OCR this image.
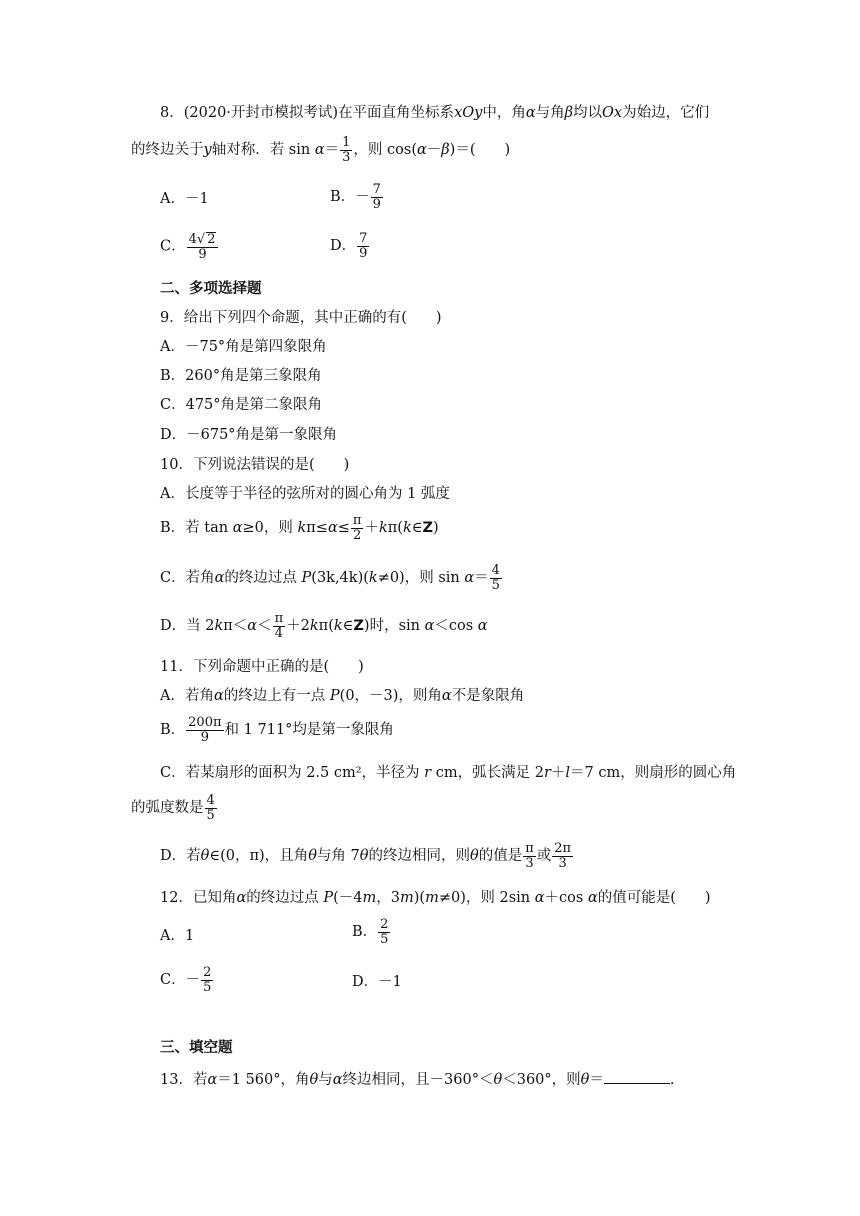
8．(2020·开封市模拟考试)在平面直角坐标系xOy中，角α与角β均以Ox为始边，它们
的终边关于y轴对称．若 $\sin \alpha= \frac{1}{3}$ ，则 cos(α－β)＝(　　)
A．－1	B．－ $\frac{7}{9}$
C． $\frac{4√ 2}{9}$	D． $\frac{7}{9}$
二、多项选择题
9．给出下列四个命题，其中正确的有(　　)
A．－75°角是第四象限角
B．260°角是第三象限角
C．475°角是第二象限角
D．－675°角是第一象限角
10．下列说法错误的是(　　)
A．长度等于半径的弦所对的圆心角为 1 弧度
B．若 tan α≥0，则 $k\pi\le\alpha\le \frac{\pi}{2}$ ＋kπ(k∈Z)
C．若角α的终边过点 P(3k,4k)(k≠0)，则 $\sin \alpha= \frac{4}{5}$
D．当 $2k\pi<\alpha< \frac{\pi}{4}$ ＋2kπ(k∈Z)时，sin α＜cos α
11．下列命题中正确的是(　　)
A．若角α的终边上有一点 P(0，－3)，则角α不是象限角
B． $\frac{200\pi}{9}$ 和 1 711°均是第一象限角
C．若某扇形的面积为 2.5 cm²，半径为 r cm，弧长满足 2r＋l＝7 cm，则扇形的圆心角
的弧度数是 $\frac{4}{5}$
D．若θ∈(0，π)，且角θ与角 7θ的终边相同，则θ的值是 $\frac{\pi}{3}$ 或 $\frac{2\pi}{3}$
12．已知角α的终边过点 P(－4m，3m)(m≠0)，则 2sin α＋cos α的值可能是(　　)
A．1	B． $\frac{2}{5}$
C．－ $\frac{2}{5}$	D．－1
三、填空题
13．若α＝1 560°，角θ与α终边相同，且－360°＜θ＜360°，则θ＝	.
